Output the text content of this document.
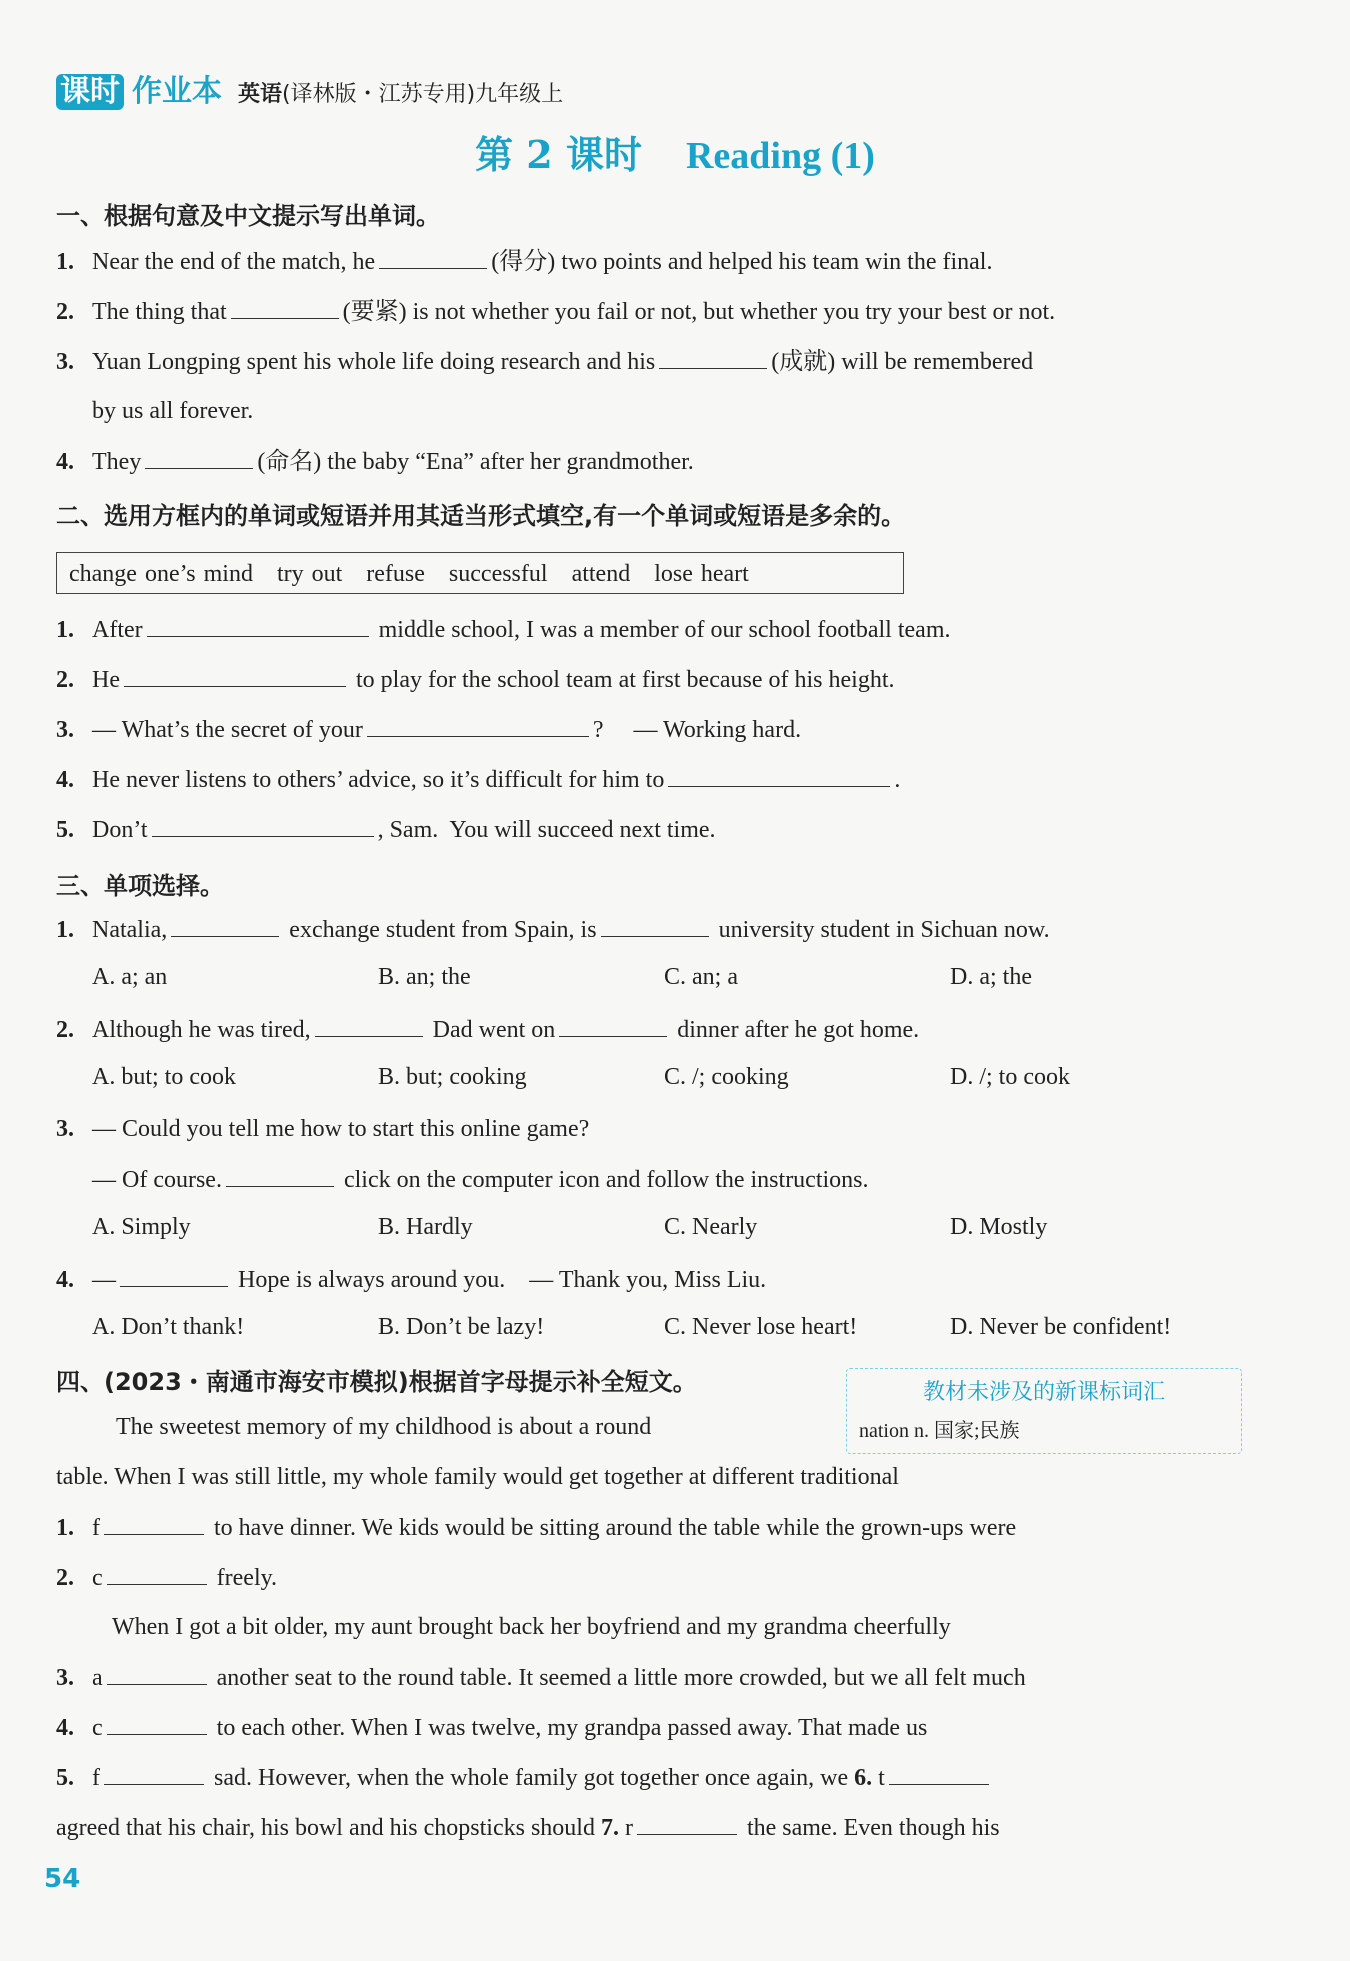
课时 作业本 英语(译林版・江苏专用)九年级上
第 2 课时 Reading (1)
一、根据句意及中文提示写出单词。
1. Near the end of the match, he	(得分) two points and helped his team win the final.
2. The thing that	(要紧) is not whether you fail or not, but whether you try your best or not.
3. Yuan Longping spent his whole life doing research and his	(成就) will be remembered
by us all forever.
4. They	(命名) the baby “Ena” after her grandmother.
二、选用方框内的单词或短语并用其适当形式填空,有一个单词或短语是多余的。
change one’s mind try out refuse successful attend lose heart
1. After	middle school, I was a member of our school football team.
2. He	to play for the school team at first because of his height.
3. — What’s the secret of your	?     — Working hard.
4. He never listens to others’ advice, so it’s difficult for him to	.
5. Don’t	, Sam.  You will succeed next time.
三、单项选择。
1. Natalia,	exchange student from Spain, is	university student in Sichuan now.
A. a; an	B. an; the	C. an; a	D. a; the
2. Although he was tired,	Dad went on	dinner after he got home.
A. but; to cook	B. but; cooking	C. /; cooking	D. /; to cook
3. — Could you tell me how to start this online game?
— Of course.	click on the computer icon and follow the instructions.
A. Simply	B. Hardly	C. Nearly	D. Mostly
4. —	Hope is always around you. — Thank you, Miss Liu.
A. Don’t thank!	B. Don’t be lazy!	C. Never lose heart!	D. Never be confident!
四、(2023・南通市海安市模拟)根据首字母提示补全短文。	教材未涉及的新课标词汇
nation n. 国家;民族
The sweetest memory of my childhood is about a round
table. When I was still little, my whole family would get together at different traditional
1. f	to have dinner. We kids would be sitting around the table while the grown-ups were
2. c	freely.
When I got a bit older, my aunt brought back her boyfriend and my grandma cheerfully
3. a	another seat to the round table. It seemed a little more crowded, but we all felt much
4. c	to each other. When I was twelve, my grandpa passed away. That made us
5. f	sad. However, when the whole family got together once again, we 6. t
agreed that his chair, his bowl and his chopsticks should 7. r	the same. Even though his
54
